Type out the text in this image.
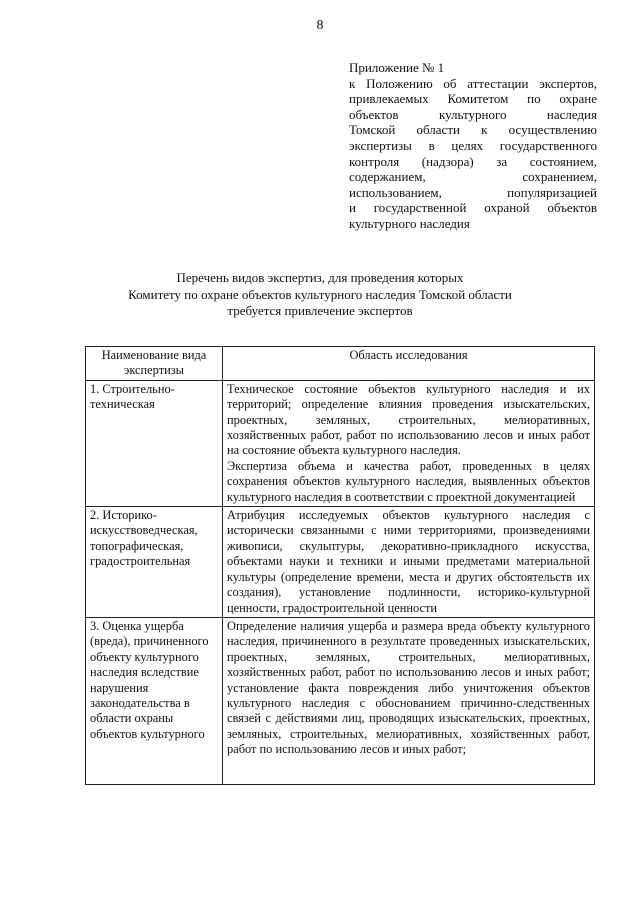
8
Приложение № 1
к Положению об аттестации экспертов,
привлекаемых Комитетом по охране
объектов культурного наследия
Томской области к осуществлению
экспертизы в целях государственного
контроля (надзора) за состоянием,
содержанием, сохранением,
использованием, популяризацией
и государственной охраной объектов
культурного наследия
Перечень видов экспертиз, для проведения которых
Комитету по охране объектов культурного наследия Томской области
требуется привлечение экспертов
Наименование вида экспертизы	Область исследования
1. Строительно-техническая	Техническое состояние объектов культурного наследия и их территорий; определение влияния проведения изыскательских, проектных, земляных, строительных, мелиоративных, хозяйственных работ, работ по использованию лесов и иных работ на состояние объекта культурного наследия.
Экспертиза объема и качества работ, проведенных в целях сохранения объектов культурного наследия, выявленных объектов культурного наследия в соответствии с проектной документацией

2. Историко-искусствоведческая, топографическая, градостроительная	Атрибуция исследуемых объектов культурного наследия с исторически связанными с ними территориями, произведениями живописи, скульптуры, декоративно-прикладного искусства, объектами науки и техники и иными предметами материальной культуры (определение времени, места и других обстоятельств их создания), установление подлинности, историко-культурной ценности, градостроительной ценности

3. Оценка ущерба (вреда), причиненного объекту культурного наследия вследствие нарушения законодательства в области охраны объектов культурного	Определение наличия ущерба и размера вреда объекту культурного наследия, причиненного в результате проведенных изыскательских, проектных, земляных, строительных, мелиоративных, хозяйственных работ, работ по использованию лесов и иных работ; установление факта повреждения либо уничтожения объектов культурного наследия с обоснованием причинно-следственных связей с действиями лиц, проводящих изыскательских, проектных, земляных, строительных, мелиоративных, хозяйственных работ, работ по использованию лесов и иных работ;
